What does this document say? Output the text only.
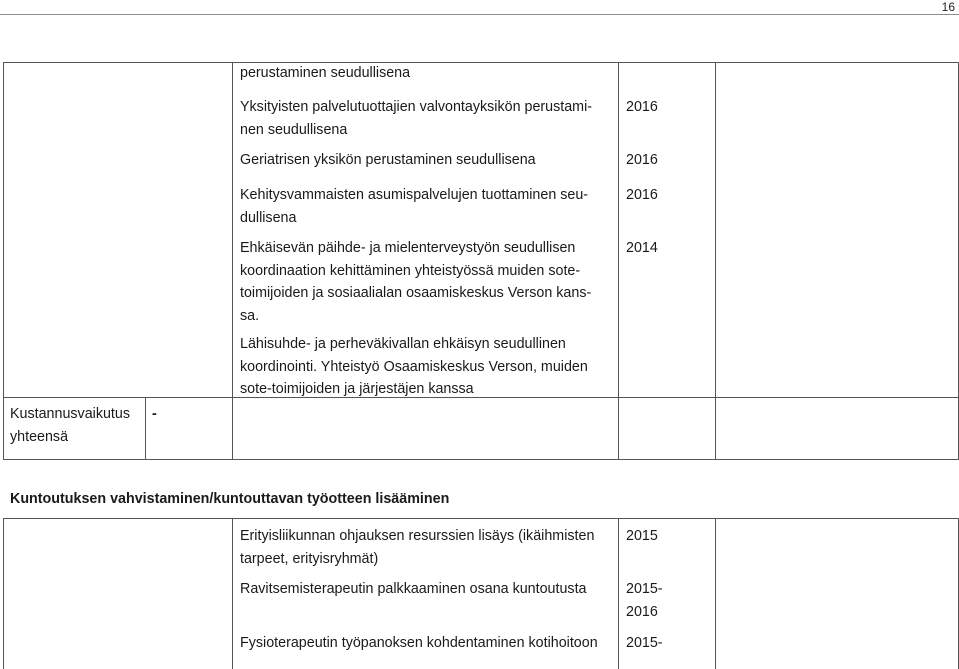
16
perustaminen seudullisena
Yksityisten palvelutuottajien valvontayksikön perustami-
nen seudullisena
2016
Geriatrisen yksikön perustaminen seudullisena	2016
Kehitysvammaisten asumispalvelujen tuottaminen seu-
dullisena
2016
Ehkäisevän päihde- ja mielenterveystyön seudullisen
koordinaation kehittäminen yhteistyössä muiden sote-
toimijoiden ja sosiaalialan osaamiskeskus Verson kans-
sa.
2014
Lähisuhde- ja perheväkivallan ehkäisyn seudullinen
koordinointi. Yhteistyö Osaamiskeskus Verson, muiden
sote-toimijoiden ja järjestäjen kanssa
Kustannusvaikutus
yhteensä
-
Kuntoutuksen vahvistaminen/kuntouttavan työotteen lisääminen
Erityisliikunnan ohjauksen resurssien lisäys (ikäihmisten
tarpeet, erityisryhmät)
2015
Ravitsemisterapeutin palkkaaminen osana kuntoutusta	2015-
2016
Fysioterapeutin työpanoksen kohdentaminen kotihoitoon 2015-
